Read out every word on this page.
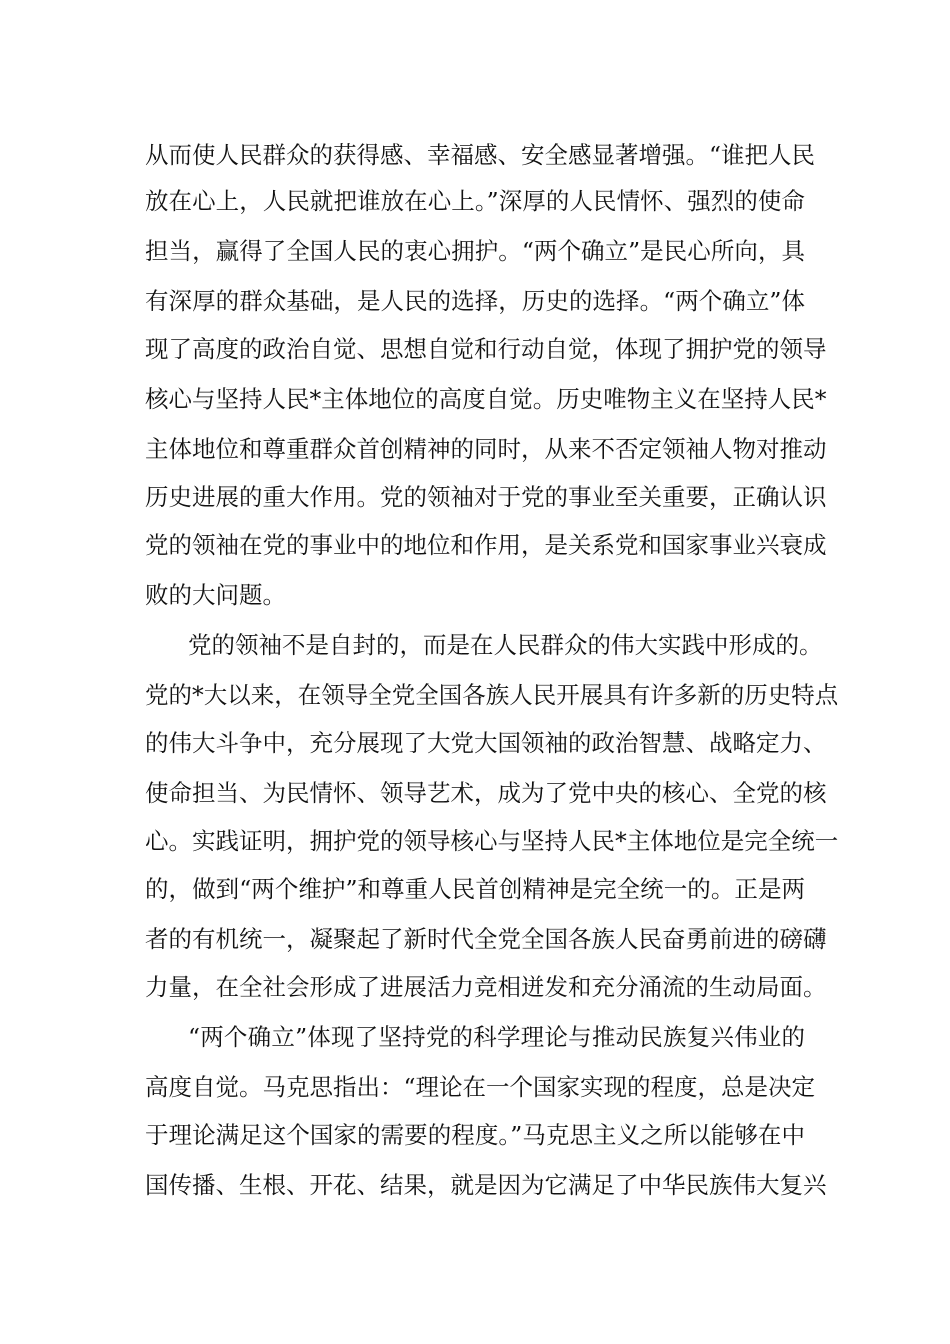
从而使人民群众的获得感、幸福感、安全感显著增强。“谁把人民
放在心上，人民就把谁放在心上。”深厚的人民情怀、强烈的使命
担当，赢得了全国人民的衷心拥护。“两个确立”是民心所向，具
有深厚的群众基础，是人民的选择，历史的选择。“两个确立”体
现了高度的政治自觉、思想自觉和行动自觉，体现了拥护党的领导
核心与坚持人民*主体地位的高度自觉。历史唯物主义在坚持人民*
主体地位和尊重群众首创精神的同时，从来不否定领袖人物对推动
历史进展的重大作用。党的领袖对于党的事业至关重要，正确认识
党的领袖在党的事业中的地位和作用，是关系党和国家事业兴衰成
败的大问题。
党的领袖不是自封的，而是在人民群众的伟大实践中形成的。
党的*大以来，在领导全党全国各族人民开展具有许多新的历史特点
的伟大斗争中，充分展现了大党大国领袖的政治智慧、战略定力、
使命担当、为民情怀、领导艺术，成为了党中央的核心、全党的核
心。实践证明，拥护党的领导核心与坚持人民*主体地位是完全统一
的，做到“两个维护”和尊重人民首创精神是完全统一的。正是两
者的有机统一，凝聚起了新时代全党全国各族人民奋勇前进的磅礴
力量，在全社会形成了进展活力竞相迸发和充分涌流的生动局面。
“两个确立”体现了坚持党的科学理论与推动民族复兴伟业的
高度自觉。马克思指出：“理论在一个国家实现的程度，总是决定
于理论满足这个国家的需要的程度。”马克思主义之所以能够在中
国传播、生根、开花、结果，就是因为它满足了中华民族伟大复兴
